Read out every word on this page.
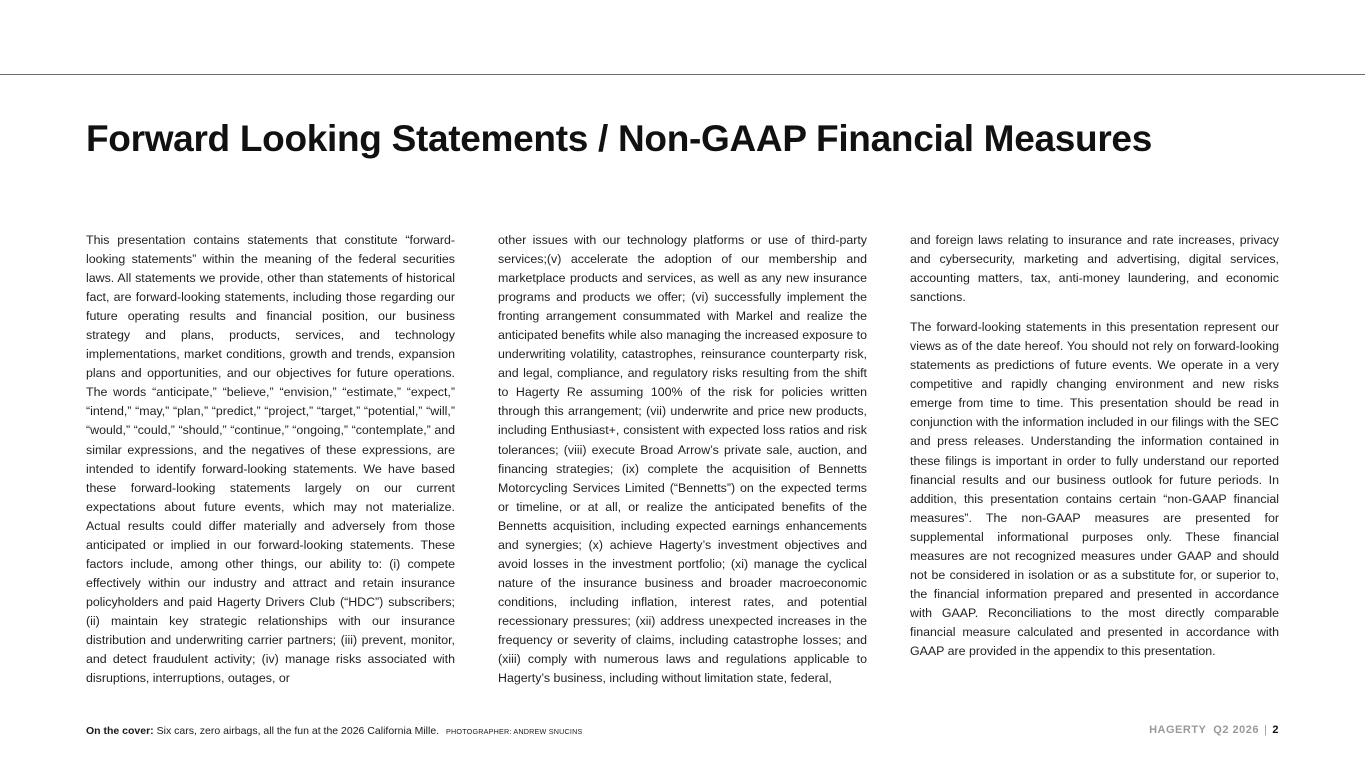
Forward Looking Statements / Non-GAAP Financial Measures

This presentation contains statements that constitute “forward-looking statements” within the meaning of the federal securities laws. All statements we provide, other than statements of historical fact, are forward-looking statements, including those regarding our future operating results and financial position, our business strategy and plans, products, services, and technology implementations, market conditions, growth and trends, expansion plans and opportunities, and our objectives for future operations. The words “anticipate,” “believe,” “envision,” “estimate,” “expect,” “intend,” “may,” “plan,” “predict,” “project,” “target,” “potential,” “will,” “would,” “could,” “should,” “continue,” “ongoing,” “contemplate,” and similar expressions, and the negatives of these expressions, are intended to identify forward-looking statements. We have based these forward-looking statements largely on our current expectations about future events, which may not materialize. Actual results could differ materially and adversely from those anticipated or implied in our forward-looking statements. These factors include, among other things, our ability to: (i) compete effectively within our industry and attract and retain insurance policyholders and paid Hagerty Drivers Club (“HDC”) subscribers; (ii) maintain key strategic relationships with our insurance distribution and underwriting carrier partners; (iii) prevent, monitor, and detect fraudulent activity; (iv) manage risks associated with disruptions, interruptions, outages, or

other issues with our technology platforms or use of third-party services;(v) accelerate the adoption of our membership and marketplace products and services, as well as any new insurance programs and products we offer; (vi) successfully implement the fronting arrangement consummated with Markel and realize the anticipated benefits while also managing the increased exposure to underwriting volatility, catastrophes, reinsurance counterparty risk, and legal, compliance, and regulatory risks resulting from the shift to Hagerty Re assuming 100% of the risk for policies written through this arrangement; (vii) underwrite and price new products, including Enthusiast+, consistent with expected loss ratios and risk tolerances; (viii) execute Broad Arrow’s private sale, auction, and financing strategies; (ix) complete the acquisition of Bennetts Motorcycling Services Limited (“Bennetts”) on the expected terms or timeline, or at all, or realize the anticipated benefits of the Bennetts acquisition, including expected earnings enhancements and synergies; (x) achieve Hagerty’s investment objectives and avoid losses in the investment portfolio; (xi) manage the cyclical nature of the insurance business and broader macroeconomic conditions, including inflation, interest rates, and potential recessionary pressures; (xii) address unexpected increases in the frequency or severity of claims, including catastrophe losses; and (xiii) comply with numerous laws and regulations applicable to Hagerty’s business, including without limitation state, federal,

and foreign laws relating to insurance and rate increases, privacy and cybersecurity, marketing and advertising, digital services, accounting matters, tax, anti-money laundering, and economic sanctions.

The forward-looking statements in this presentation represent our views as of the date hereof. You should not rely on forward-looking statements as predictions of future events. We operate in a very competitive and rapidly changing environment and new risks emerge from time to time. This presentation should be read in conjunction with the information included in our filings with the SEC and press releases. Understanding the information contained in these filings is important in order to fully understand our reported financial results and our business outlook for future periods. In addition, this presentation contains certain “non-GAAP financial measures”. The non-GAAP measures are presented for supplemental informational purposes only. These financial measures are not recognized measures under GAAP and should not be considered in isolation or as a substitute for, or superior to, the financial information prepared and presented in accordance with GAAP. Reconciliations to the most directly comparable financial measure calculated and presented in accordance with GAAP are provided in the appendix to this presentation.

On the cover: Six cars, zero airbags, all the fun at the 2026 California Mille. PHOTOGRAPHER: ANDREW SNUCINS	HAGERTY  Q2 2026 | 2
